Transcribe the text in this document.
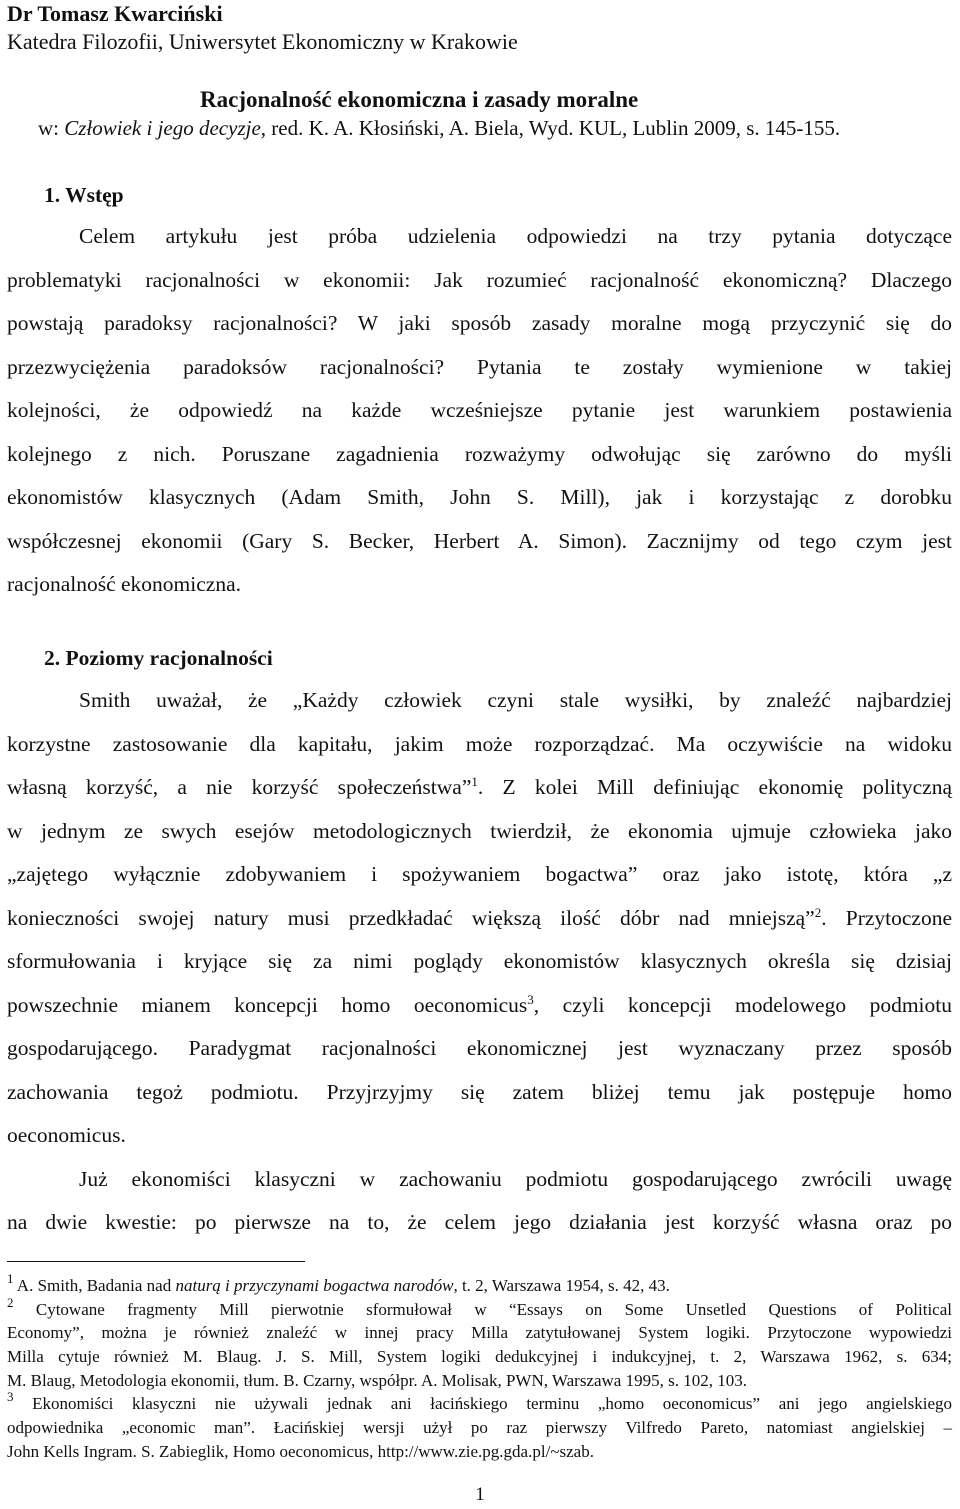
Dr Tomasz Kwarciński
Katedra Filozofii, Uniwersytet Ekonomiczny w Krakowie
Racjonalność ekonomiczna i zasady moralne
w: Człowiek i jego decyzje, red. K. A. Kłosiński, A. Biela, Wyd. KUL, Lublin 2009, s. 145-155.
1. Wstęp
Celem artykułu jest próba udzielenia odpowiedzi na trzy pytania dotyczące
problematyki racjonalności w ekonomii: Jak rozumieć racjonalność ekonomiczną? Dlaczego
powstają paradoksy racjonalności? W jaki sposób zasady moralne mogą przyczynić się do
przezwyciężenia paradoksów racjonalności? Pytania te zostały wymienione w takiej
kolejności, że odpowiedź na każde wcześniejsze pytanie jest warunkiem postawienia
kolejnego z nich. Poruszane zagadnienia rozważymy odwołując się zarówno do myśli
ekonomistów klasycznych (Adam Smith, John S. Mill), jak i korzystając z dorobku
współczesnej ekonomii (Gary S. Becker, Herbert A. Simon). Zacznijmy od tego czym jest
racjonalność ekonomiczna.
2. Poziomy racjonalności
Smith uważał, że „Każdy człowiek czyni stale wysiłki, by znaleźć najbardziej
korzystne zastosowanie dla kapitału, jakim może rozporządzać. Ma oczywiście na widoku
własną korzyść, a nie korzyść społeczeństwa”$^1$. Z kolei Mill definiując ekonomię polityczną
w jednym ze swych esejów metodologicznych twierdził, że ekonomia ujmuje człowieka jako
„zajętego wyłącznie zdobywaniem i spożywaniem bogactwa” oraz jako istotę, która „z
konieczności swojej natury musi przedkładać większą ilość dóbr nad mniejszą”$^2$. Przytoczone
sformułowania i kryjące się za nimi poglądy ekonomistów klasycznych określa się dzisiaj
powszechnie mianem koncepcji homo oeconomicus$^3$, czyli koncepcji modelowego podmiotu
gospodarującego. Paradygmat racjonalności ekonomicznej jest wyznaczany przez sposób
zachowania tegoż podmiotu. Przyjrzyjmy się zatem bliżej temu jak postępuje homo
oeconomicus.
Już ekonomiści klasyczni w zachowaniu podmiotu gospodarującego zwrócili uwagę
na dwie kwestie: po pierwsze na to, że celem jego działania jest korzyść własna oraz po
$^1$ A. Smith, Badania nad naturą i przyczynami bogactwa narodów, t. 2, Warszawa 1954, s. 42, 43.
$^2$ Cytowane fragmenty Mill pierwotnie sformułował w “Essays on Some Unsetled Questions of Political
Economy”, można je również znaleźć w innej pracy Milla zatytułowanej System logiki. Przytoczone wypowiedzi
Milla cytuje również M. Blaug. J. S. Mill, System logiki dedukcyjnej i indukcyjnej, t. 2, Warszawa 1962, s. 634;
M. Blaug, Metodologia ekonomii, tłum. B. Czarny, współpr. A. Molisak, PWN, Warszawa 1995, s. 102, 103.
$^3$ Ekonomiści klasyczni nie używali jednak ani łacińskiego terminu „homo oeconomicus” ani jego angielskiego
odpowiednika „economic man”. Łacińskiej wersji użył po raz pierwszy Vilfredo Pareto, natomiast angielskiej –
John Kells Ingram. S. Zabieglik, Homo oeconomicus, http://www.zie.pg.gda.pl/~szab.
1
